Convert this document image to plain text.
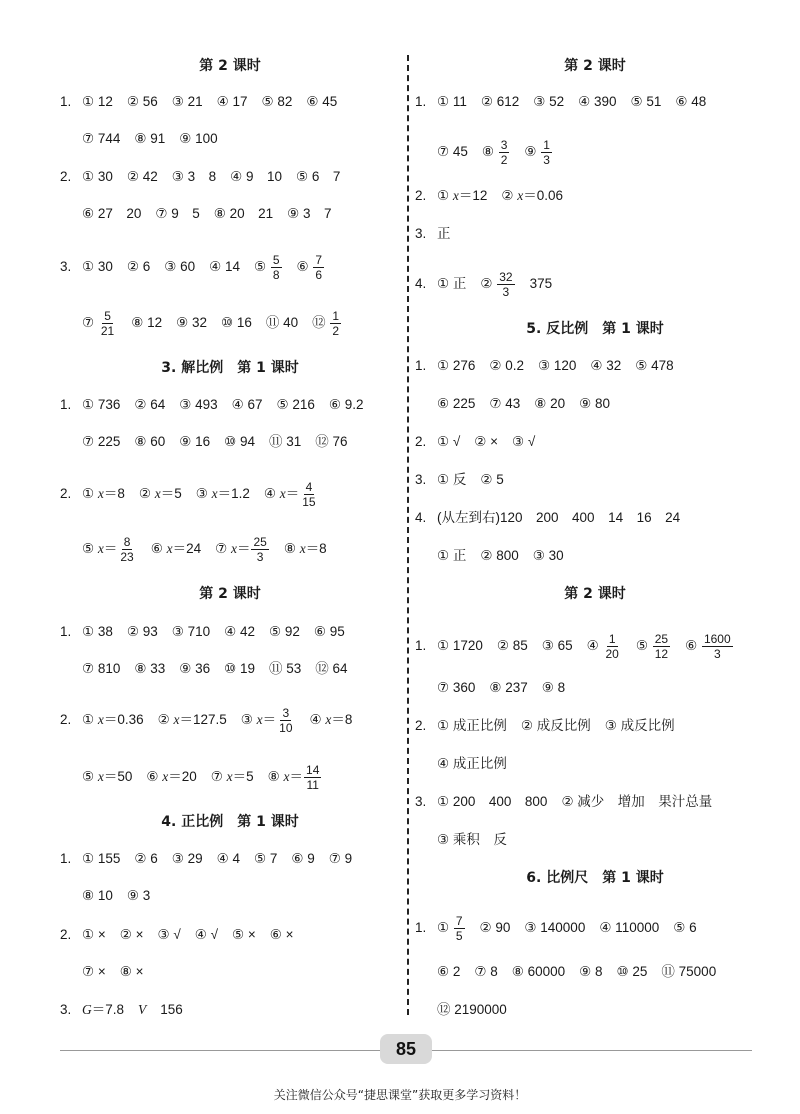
第 2 课时
1. ① 12 ② 56 ③ 21 ④ 17 ⑤ 82 ⑥ 45
⑦ 744 ⑧ 91 ⑨ 100
2. ① 30 ② 42 ③ 3　8 ④ 9　10 ⑤ 6　7
⑥ 27　20 ⑦ 9　5 ⑧ 20　21 ⑨ 3　7
3. ① 30 ② 6 ③ 60 ④ 14 ⑤ $\frac{5}{8}$ ⑥ $\frac{7}{6}$
⑦ $\frac{5}{21}$ ⑧ 12 ⑨ 32 ⑩ 16 ⑪ 40 ⑫ $\frac{1}{2}$
3. 解比例　第 1 课时
1. ① 736 ② 64 ③ 493 ④ 67 ⑤ 216 ⑥ 9.2
⑦ 225 ⑧ 60 ⑨ 16 ⑩ 94 ⑪ 31 ⑫ 76
2. ① x＝8 ② x＝5 ③ x＝1.2 ④ $x= \frac{4}{15}$
⑤ $x= \frac{8}{23}$ ⑥ x＝24 ⑦ $x= \frac{25}{3}$ ⑧ x＝8
第 2 课时
1. ① 38 ② 93 ③ 710 ④ 42 ⑤ 92 ⑥ 95
⑦ 810 ⑧ 33 ⑨ 36 ⑩ 19 ⑪ 53 ⑫ 64
2. ① x＝0.36 ② x＝127.5 ③ $x= \frac{3}{10}$ ④ x＝8
⑤ x＝50 ⑥ x＝20 ⑦ x＝5 ⑧ $x= \frac{14}{11}$
4. 正比例　第 1 课时
1. ① 155 ② 6 ③ 29 ④ 4 ⑤ 7 ⑥ 9 ⑦ 9
⑧ 10 ⑨ 3
2. ① × ② × ③ √ ④ √ ⑤ × ⑥ ×
⑦ × ⑧ ×
3. G＝7.8 V 156
第 2 课时
1. ① 11 ② 612 ③ 52 ④ 390 ⑤ 51 ⑥ 48
⑦ 45 ⑧ $\frac{3}{2}$ ⑨ $\frac{1}{3}$
2. ① x＝12 ② x＝0.06
3. 正
4. ① 正 ② $\frac{32}{3} 375$
5. 反比例　第 1 课时
1. ① 276 ② 0.2 ③ 120 ④ 32 ⑤ 478
⑥ 225 ⑦ 43 ⑧ 20 ⑨ 80
2. ① √ ② × ③ √
3. ① 反 ② 5
4. (从左到右)120　200　400　14　16　24
① 正 ② 800 ③ 30
第 2 课时
1. ① 1720 ② 85 ③ 65 ④ $\frac{1}{20}$ ⑤ $\frac{25}{12}$ ⑥ $\frac{1600}{3}$
⑦ 360 ⑧ 237 ⑨ 8
2. ① 成正比例 ② 成反比例 ③ 成反比例
④ 成正比例
3. ① 200　400　800 ② 减少　增加　果汁总量
③ 乘积　反
6. 比例尺　第 1 课时
1. ① $\frac{7}{5}$ ② 90 ③ 140000 ④ 110000 ⑤ 6
⑥ 2 ⑦ 8 ⑧ 60000 ⑨ 8 ⑩ 25 ⑪ 75000
⑫ 2190000
85
关注微信公众号“捷思课堂”获取更多学习资料！
